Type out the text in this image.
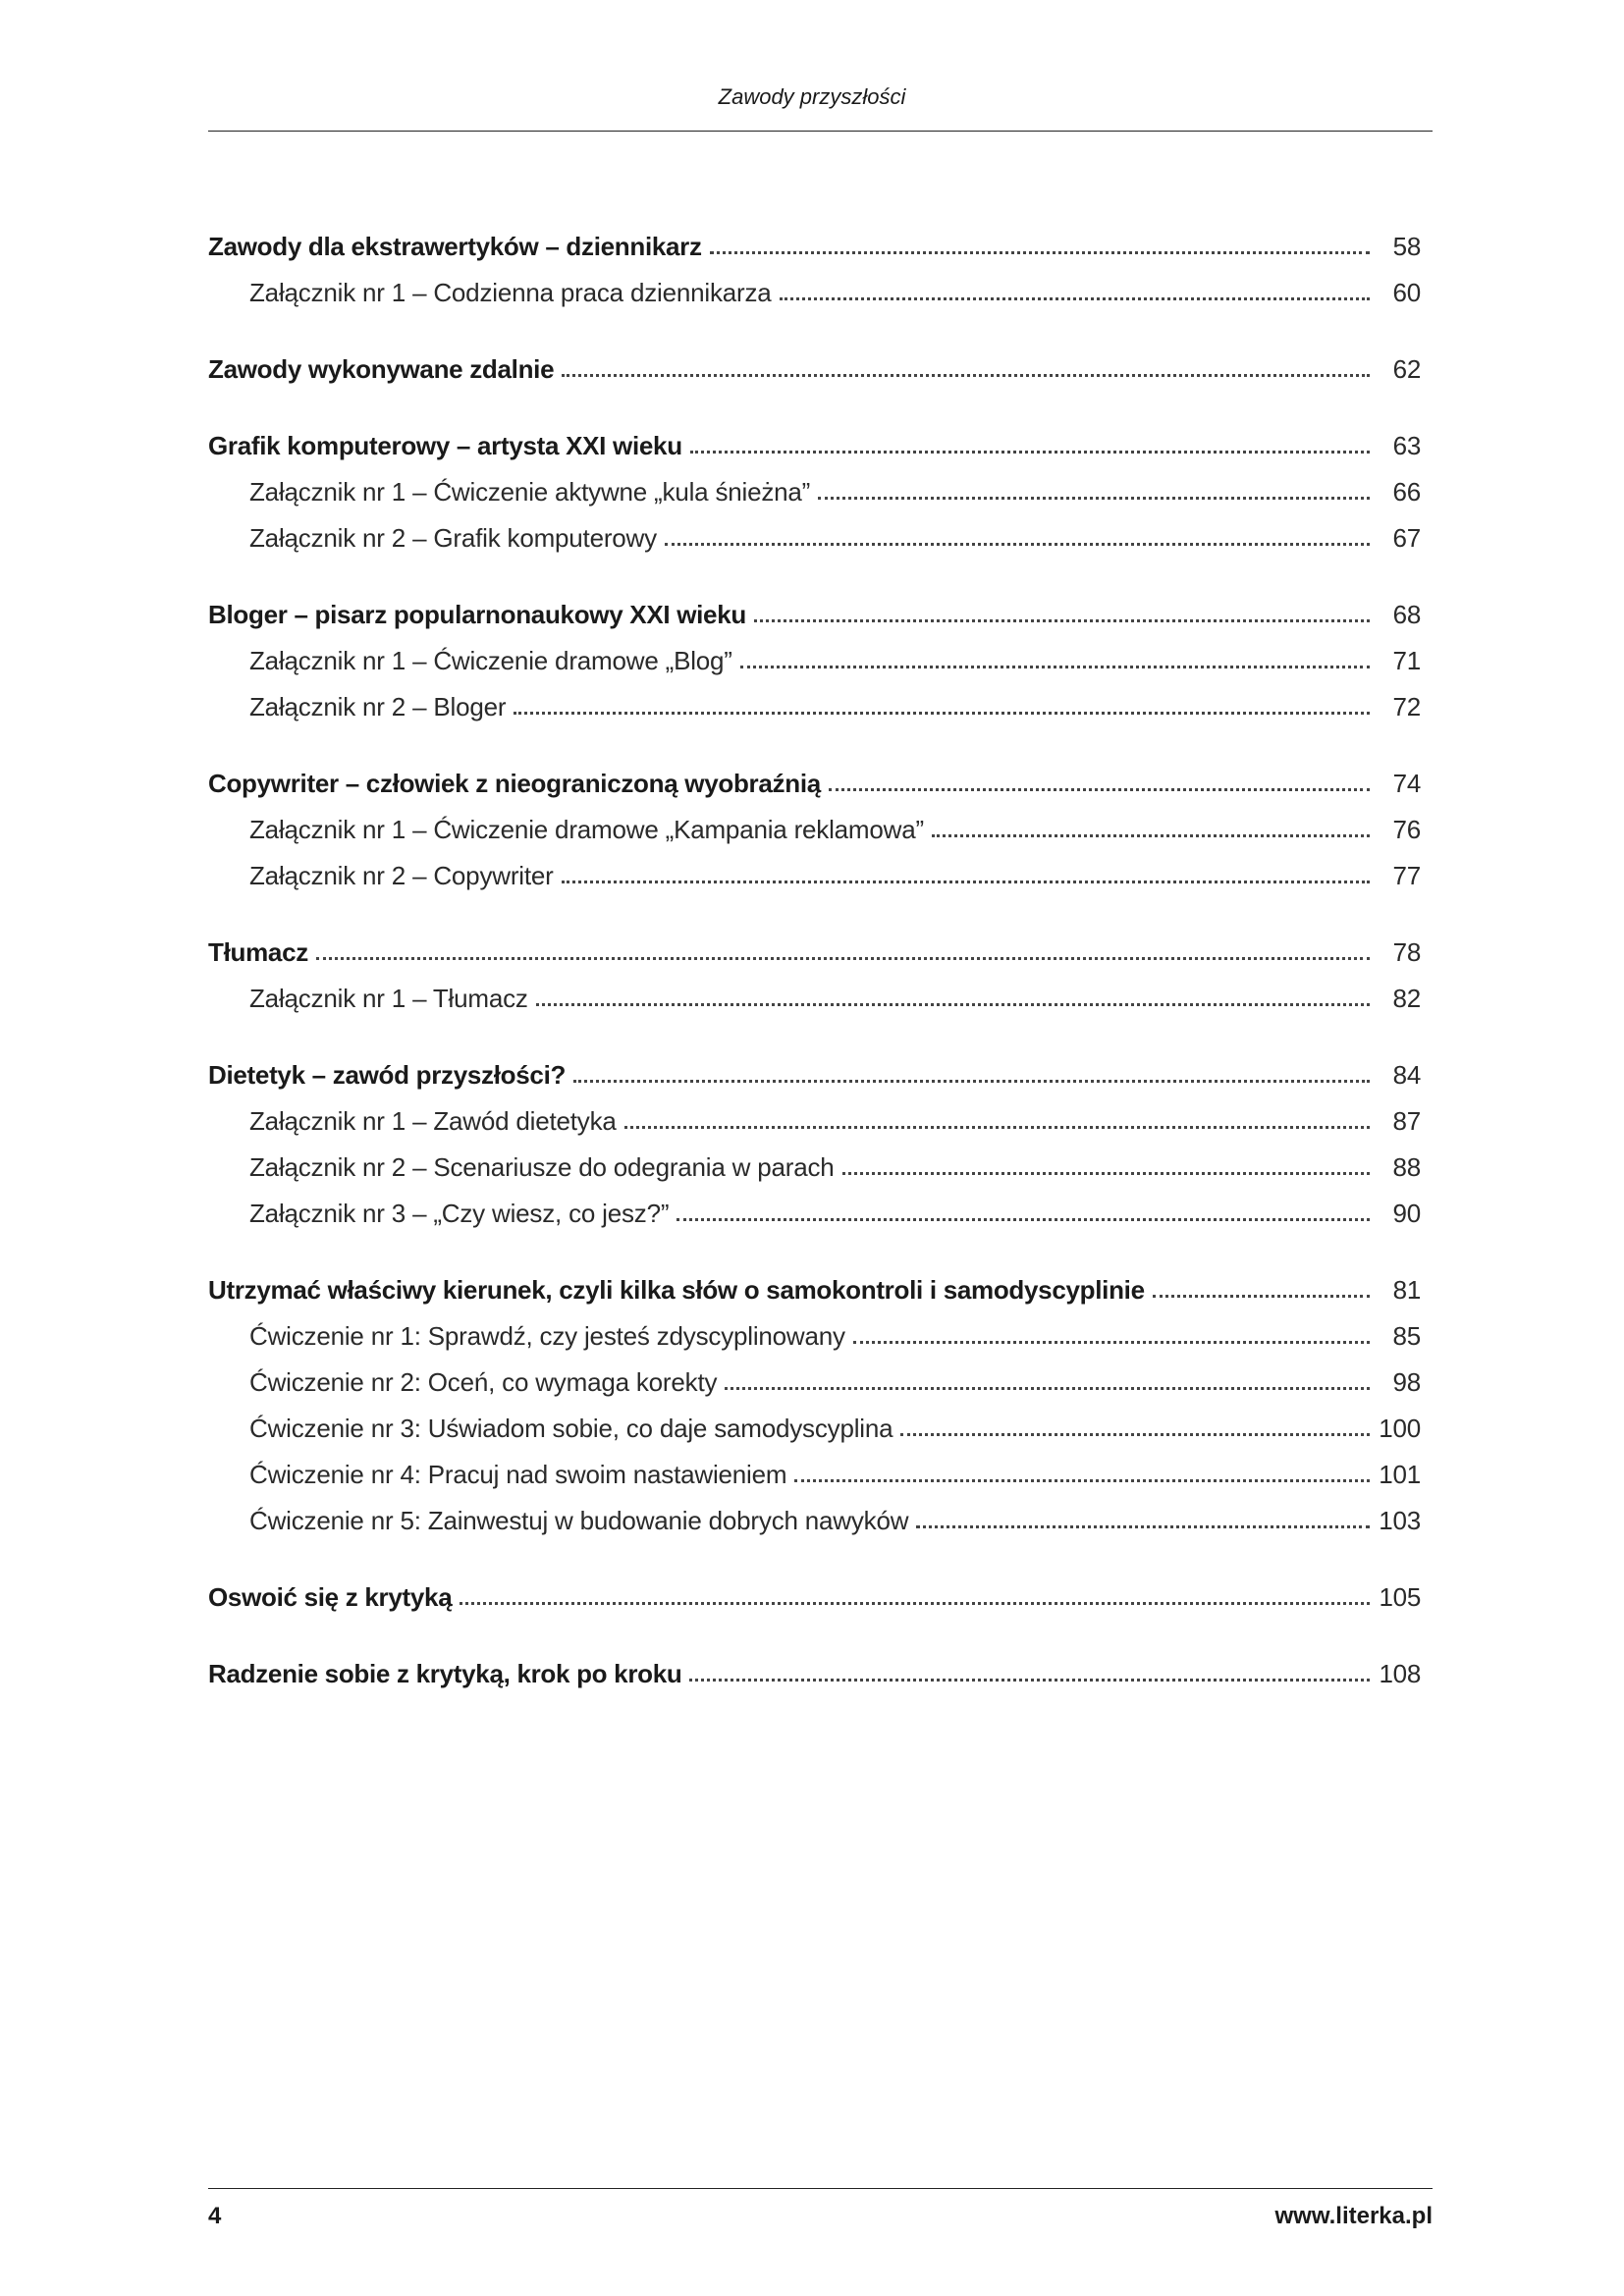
Zawody przyszłości
Zawody dla ekstrawertyków – dziennikarz	58
Załącznik nr 1 – Codzienna praca dziennikarza	60
Zawody wykonywane zdalnie	62
Grafik komputerowy – artysta XXI wieku	63
Załącznik nr 1 – Ćwiczenie aktywne „kula śnieżna”	66
Załącznik nr 2 – Grafik komputerowy	67
Bloger – pisarz popularnonaukowy XXI wieku	68
Załącznik nr 1 – Ćwiczenie dramowe „Blog”	71
Załącznik nr 2 – Bloger	72
Copywriter – człowiek z nieograniczoną wyobraźnią	74
Załącznik nr 1 – Ćwiczenie dramowe „Kampania reklamowa”	76
Załącznik nr 2 – Copywriter	77
Tłumacz	78
Załącznik nr 1 – Tłumacz	82
Dietetyk – zawód przyszłości?	84
Załącznik nr 1 – Zawód dietetyka	87
Załącznik nr 2 – Scenariusze do odegrania w parach	88
Załącznik nr 3 – „Czy wiesz, co jesz?”	90
Utrzymać właściwy kierunek, czyli kilka słów o samokontroli i samodyscyplinie	81
Ćwiczenie nr 1: Sprawdź, czy jesteś zdyscyplinowany	85
Ćwiczenie nr 2: Oceń, co wymaga korekty	98
Ćwiczenie nr 3: Uświadom sobie, co daje samodyscyplina	100
Ćwiczenie nr 4: Pracuj nad swoim nastawieniem	101
Ćwiczenie nr 5: Zainwestuj w budowanie dobrych nawyków	103
Oswoić się z krytyką	105
Radzenie sobie z krytyką, krok po kroku	108
4	www.literka.pl
